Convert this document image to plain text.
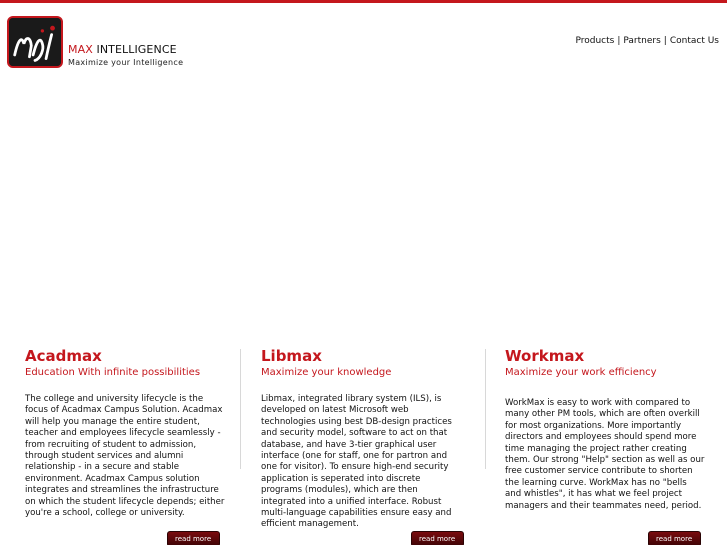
MAX INTELLIGENCE
Maximize your Intelligence
Products | Partners | Contact Us
Acadmax
Education With infinite possibilities

The college and university lifecycle is the focus of Acadmax Campus Solution. Acadmax will help you manage the entire student, teacher and employees lifecycle seamlessly - from recruiting of student to admission, through student services and alumni relationship - in a secure and stable environment. Acadmax Campus solution integrates and streamlines the infrastructure on which the student lifecycle depends; either you're a school, college or university.

Libmax
Maximize your knowledge

Libmax, integrated library system (ILS), is developed on latest Microsoft web technologies using best DB-design practices and security model, software to act on that database, and have 3-tier graphical user interface (one for staff, one for partron and one for visitor). To ensure high-end security application is seperated into discrete programs (modules), which are then integrated into a unified interface. Robust multi-language capabilities ensure easy and efficient management.

Workmax
Maximize your work efficiency

WorkMax is easy to work with compared to many other PM tools, which are often overkill for most organizations. More importantly directors and employees should spend more time managing the project rather creating them. Our strong "Help" section as well as our free customer service contribute to shorten the learning curve. WorkMax has no "bells and whistles", it has what we feel project managers and their teammates need, period.

read more	read more	read more
